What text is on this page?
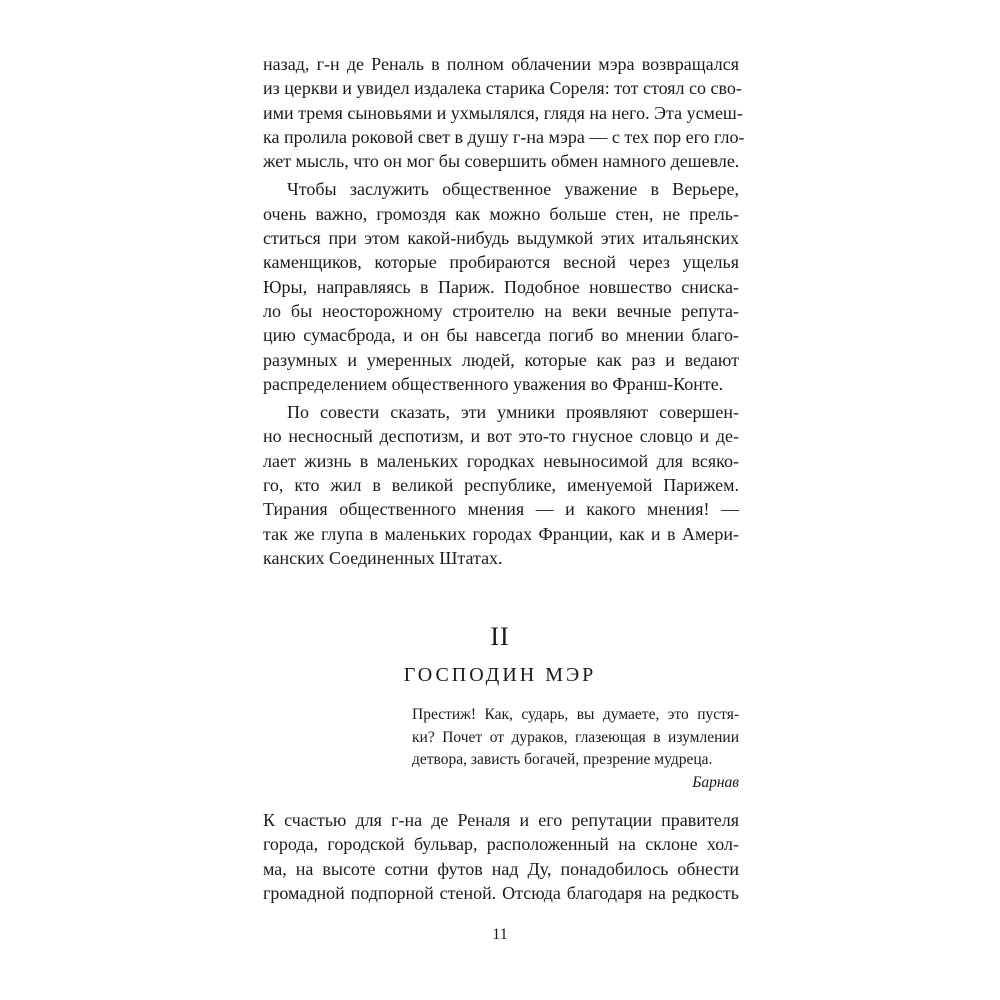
назад, г-н де Реналь в полном облачении мэра возвращался
из церкви и увидел издалека старика Сореля: тот стоял со сво-
ими тремя сыновьями и ухмылялся, глядя на него. Эта усмеш-
ка пролила роковой свет в душу г-на мэра — с тех пор его гло-
жет мысль, что он мог бы совершить обмен намного дешевле.

Чтобы заслужить общественное уважение в Верьере,
очень важно, громоздя как можно больше стен, не прель-
ститься при этом какой-нибудь выдумкой этих итальянских
каменщиков, которые пробираются весной через ущелья
Юры, направляясь в Париж. Подобное новшество сниска-
ло бы неосторожному строителю на веки вечные репута-
цию сумасброда, и он бы навсегда погиб во мнении благо-
разумных и умеренных людей, которые как раз и ведают
распределением общественного уважения во Франш-Конте.

По совести сказать, эти умники проявляют совершен-
но несносный деспотизм, и вот это-то гнусное словцо и де-
лает жизнь в маленьких городках невыносимой для всяко-
го, кто жил в великой республике, именуемой Парижем.
Тирания общественного мнения — и какого мнения! —
так же глупа в маленьких городах Франции, как и в Амери-
канских Соединенных Штатах.

II
ГОСПОДИН МЭР
Престиж! Как, сударь, вы думаете, это пустя-
ки? Почет от дураков, глазеющая в изумлении
детвора, зависть богачей, презрение мудреца.
Барнав

К счастью для г-на де Реналя и его репутации правителя
города, городской бульвар, расположенный на склоне хол-
ма, на высоте сотни футов над Ду, понадобилось обнести
громадной подпорной стеной. Отсюда благодаря на редкость

11
